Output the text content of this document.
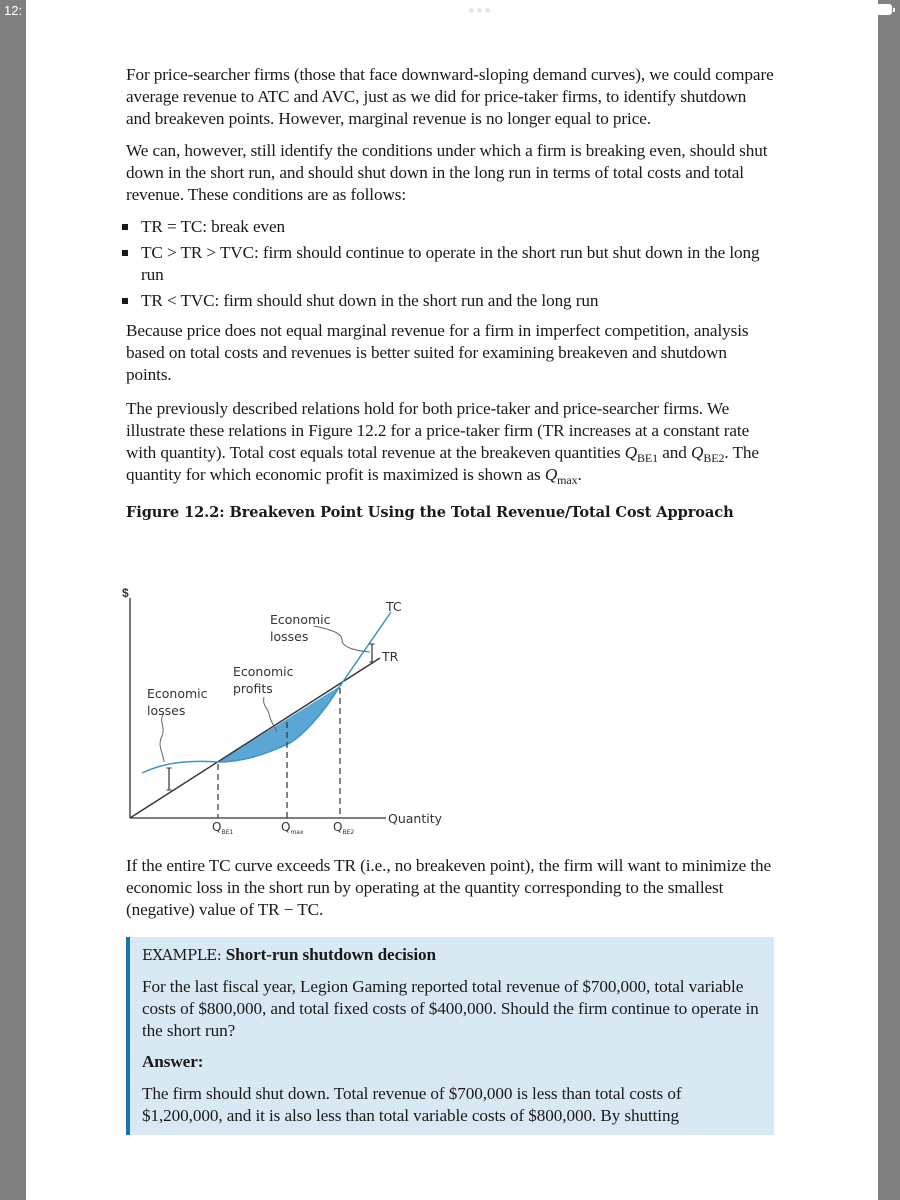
12:

For price-searcher firms (those that face downward-sloping demand curves), we could compare average revenue to ATC and AVC, just as we did for price-taker firms, to identify shutdown and breakeven points. However, marginal revenue is no longer equal to price.

We can, however, still identify the conditions under which a firm is breaking even, should shut down in the short run, and should shut down in the long run in terms of total costs and total revenue. These conditions are as follows:

TR = TC: break even
TC > TR > TVC: firm should continue to operate in the short run but shut down in the long run
TR < TVC: firm should shut down in the short run and the long run

Because price does not equal marginal revenue for a firm in imperfect competition, analysis based on total costs and revenues is better suited for examining breakeven and shutdown points.

The previously described relations hold for both price-taker and price-searcher firms. We illustrate these relations in Figure 12.2 for a price-taker firm (TR increases at a constant rate with quantity). Total cost equals total revenue at the breakeven quantities $Q_{BE1}$ and $Q_{BE2}$. The quantity for which economic profit is maximized is shown as $Q_{max}$.

Figure 12.2: Breakeven Point Using the Total Revenue/Total Cost Approach
$
Quantity
TC
TR
Economic
losses
Economic
profits
Economic
losses
$Q_{BE1}$	$Q_{max}$ $Q_{BE2}$

If the entire TC curve exceeds TR (i.e., no breakeven point), the firm will want to minimize the economic loss in the short run by operating at the quantity corresponding to the smallest (negative) value of TR − TC.

EXAMPLE: Short-run shutdown decision

For the last fiscal year, Legion Gaming reported total revenue of $700,000, total variable costs of $800,000, and total fixed costs of $400,000. Should the firm continue to operate in the short run?

Answer:

The firm should shut down. Total revenue of $700,000 is less than total costs of $1,200,000, and it is also less than total variable costs of $800,000. By shutting
